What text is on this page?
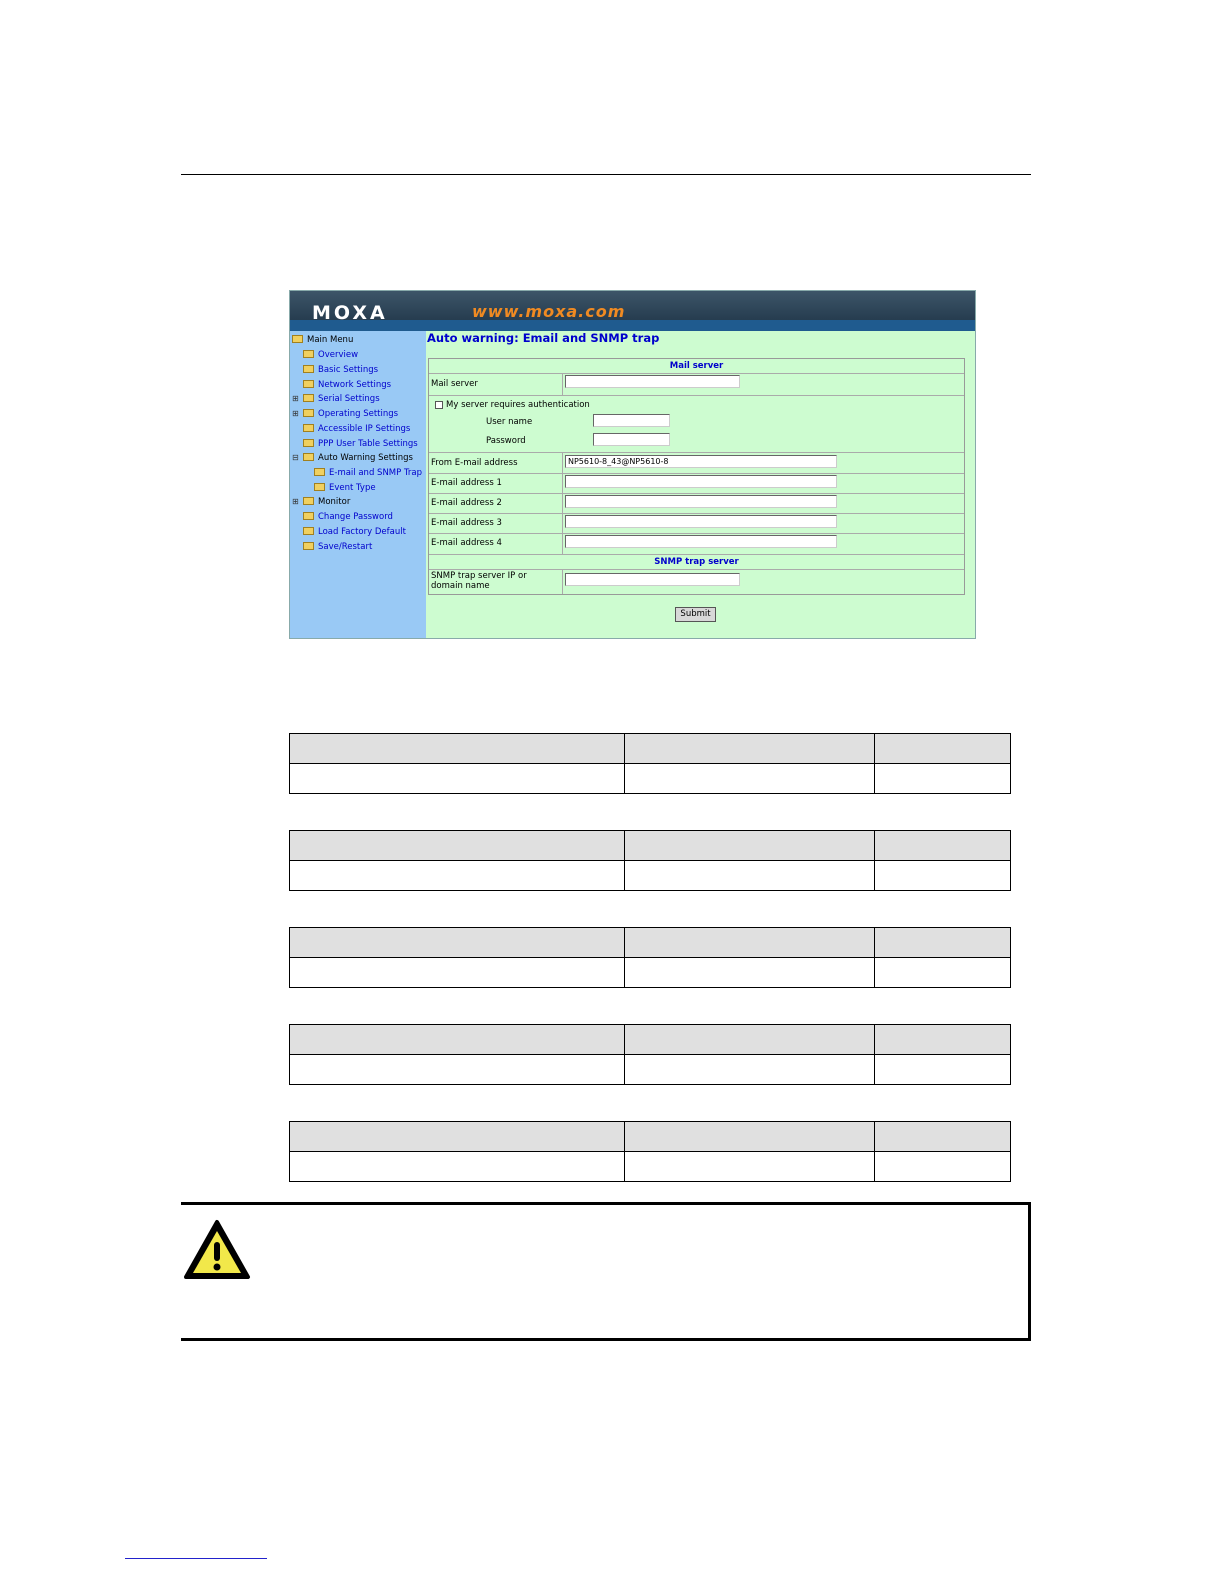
MOXA	www.moxa.com
Main Menu
Overview
Basic Settings
Network Settings
⊞ Serial Settings
⊞ Operating Settings
Accessible IP Settings
PPP User Table Settings
⊟ Auto Warning Settings
E-mail and SNMP Trap
Event Type
⊞ Monitor
Change Password
Load Factory Default
Save/Restart
Auto warning: Email and SNMP trap
Mail server
Mail server
My server requires authentication
User name
Password
From E-mail address	NP5610-8_43@NP5610-8
E-mail address 1
E-mail address 2
E-mail address 3
E-mail address 4
SNMP trap server
SNMP trap server IP or
domain name
Submit
